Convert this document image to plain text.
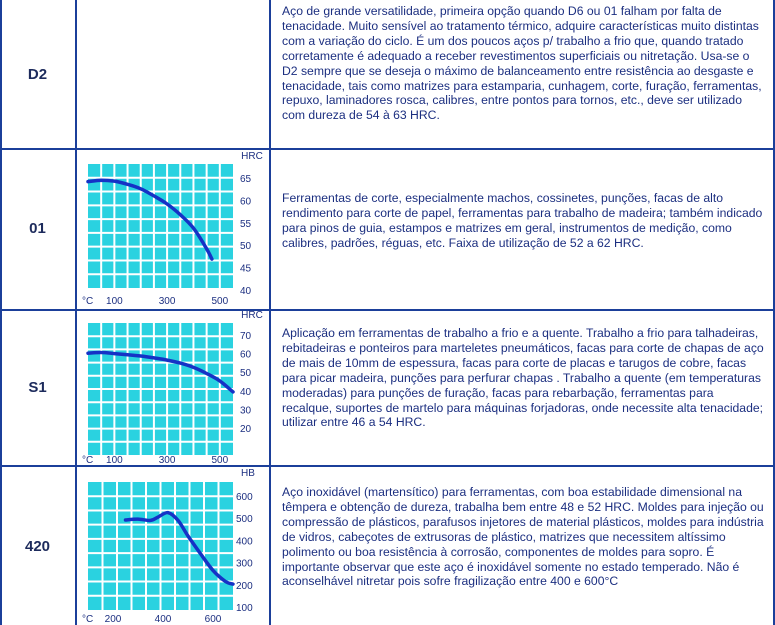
D2
Aço de grande versatilidade, primeira opção quando D6 ou 01 falham por falta de tenacidade. Muito sensível ao tratamento térmico, adquire características muito distintas com a variação do ciclo. É um dos poucos aços p/ trabalho a frio que, quando tratado corretamente é adequado a receber revestimentos superficiais ou nitretação. Usa-se o D2 sempre que se deseja o máximo de balanceamento entre resistência ao desgaste e tenacidade, tais como matrizes para estamparia, cunhagem, corte, furação, ferramentas, repuxo, laminadores rosca, calibres, entre pontos para tornos, etc., deve ser utilizado com dureza de 54 à 63 HRC.
01
HRC
65
60
55
50
45
40
°C 100	300	500
Ferramentas de corte, especialmente machos, cossinetes, punções, facas de alto rendimento para corte de papel, ferramentas para trabalho de madeira; também indicado para pinos de guia, estampos e matrizes em geral, instrumentos de medição, como calibres, padrões, réguas, etc. Faixa de utilização de 52 a 62 HRC.
S1
HRC
70
60
50
40
30
20
°C 100	300	500
Aplicação em ferramentas de trabalho a frio e a quente. Trabalho a frio para talhadeiras, rebitadeiras e ponteiros para marteletes pneumáticos, facas para corte de chapas de aço de mais de 10mm de espessura, facas para corte de placas e tarugos de cobre, facas para picar madeira, punções para perfurar chapas . Trabalho a quente (em temperaturas moderadas) para punções de furação, facas para rebarbação, ferramentas para recalque, suportes de martelo para máquinas forjadoras, onde necessite alta tenacidade; utilizar entre 46 a 54 HRC.
420
HB
600
500
400
300
200
100
°C 200	400	600
Aço inoxidável (martensítico) para ferramentas, com boa estabilidade dimensional na têmpera e obtenção de dureza, trabalha bem entre 48 e 52 HRC. Moldes para injeção ou compressão de plásticos, parafusos injetores de material plásticos, moldes para indústria de vidros, cabeçotes de extrusoras de plástico, matrizes que necessitem altíssimo polimento ou boa resistência à corrosão, componentes de moldes para sopro. É importante observar que este aço é inoxidável somente no estado temperado. Não é aconselhável nitretar pois sofre fragilização entre 400 e 600°C
